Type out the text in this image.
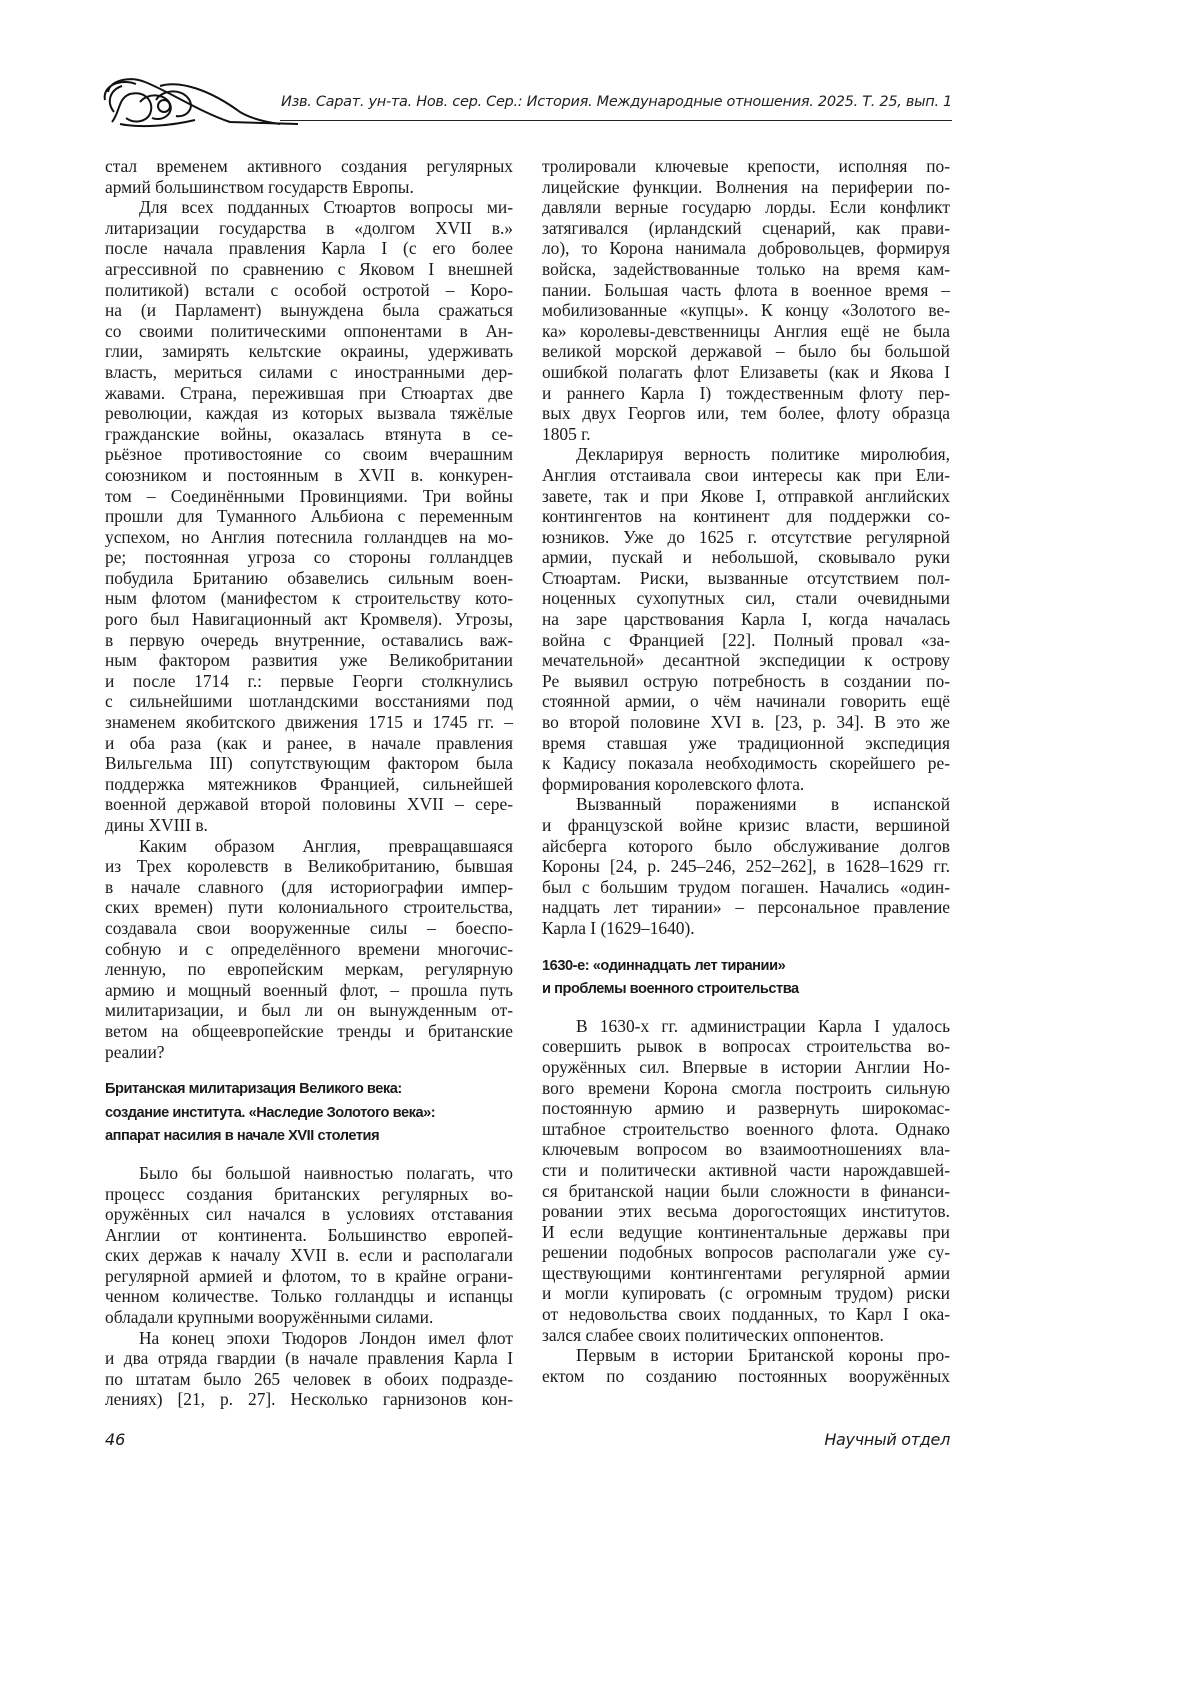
Изв. Сарат. ун-та. Нов. сер. Сер.: История. Международные отношения. 2025. Т. 25, вып. 1
стал временем активного создания регулярных
армий большинством государств Европы.
Для всех подданных Стюартов вопросы ми-
литаризации государства в «долгом XVII в.»
после начала правления Карла I (с его более
агрессивной по сравнению с Яковом I внешней
политикой) встали с особой остротой – Коро-
на (и Парламент) вынуждена была сражаться
со своими политическими оппонентами в Ан-
глии, замирять кельтские окраины, удерживать
власть, мериться силами с иностранными дер-
жавами. Страна, пережившая при Стюартах две
революции, каждая из которых вызвала тяжёлые
гражданские войны, оказалась втянута в се-
рьёзное противостояние со своим вчерашним
союзником и постоянным в XVII в. конкурен-
том – Соединёнными Провинциями. Три войны
прошли для Туманного Альбиона с переменным
успехом, но Англия потеснила голландцев на мо-
ре; постоянная угроза со стороны голландцев
побудила Британию обзавелись сильным воен-
ным флотом (манифестом к строительству кото-
рого был Навигационный акт Кромвеля). Угрозы,
в первую очередь внутренние, оставались важ-
ным фактором развития уже Великобритании
и после 1714 г.: первые Георги столкнулись
с сильнейшими шотландскими восстаниями под
знаменем якобитского движения 1715 и 1745 гг. –
и оба раза (как и ранее, в начале правления
Вильгельма III) сопутствующим фактором была
поддержка мятежников Францией, сильнейшей
военной державой второй половины XVII – сере-
дины XVIII в.
Каким образом Англия, превращавшаяся
из Трех королевств в Великобританию, бывшая
в начале славного (для историографии импер-
ских времен) пути колониального строительства,
создавала свои вооруженные силы – боеспо-
собную и с определённого времени многочис-
ленную, по европейским меркам, регулярную
армию и мощный военный флот, – прошла путь
милитаризации, и был ли он вынужденным от-
ветом на общеевропейские тренды и британские
реалии?
Британская милитаризация Великого века:
создание института. «Наследие Золотого века»:
аппарат насилия в начале XVII столетия
Было бы большой наивностью полагать, что
процесс создания британских регулярных во-
оружённых сил начался в условиях отставания
Англии от континента. Большинство европей-
ских держав к началу XVII в. если и располагали
регулярной армией и флотом, то в крайне ограни-
ченном количестве. Только голландцы и испанцы
обладали крупными вооружёнными силами.
На конец эпохи Тюдоров Лондон имел флот
и два отряда гвардии (в начале правления Карла I
по штатам было 265 человек в обоих подразде-
лениях) [21, p. 27]. Несколько гарнизонов кон-
тролировали ключевые крепости, исполняя по-
лицейские функции. Волнения на периферии по-
давляли верные государю лорды. Если конфликт
затягивался (ирландский сценарий, как прави-
ло), то Корона нанимала добровольцев, формируя
войска, задействованные только на время кам-
пании. Большая часть флота в военное время –
мобилизованные «купцы». К концу «Золотого ве-
ка» королевы-девственницы Англия ещё не была
великой морской державой – было бы большой
ошибкой полагать флот Елизаветы (как и Якова I
и раннего Карла I) тождественным флоту пер-
вых двух Георгов или, тем более, флоту образца
1805 г.
Декларируя верность политике миролюбия,
Англия отстаивала свои интересы как при Ели-
завете, так и при Якове I, отправкой английских
контингентов на континент для поддержки со-
юзников. Уже до 1625 г. отсутствие регулярной
армии, пускай и небольшой, сковывало руки
Стюартам. Риски, вызванные отсутствием пол-
ноценных сухопутных сил, стали очевидными
на заре царствования Карла I, когда началась
война с Францией [22]. Полный провал «за-
мечательной» десантной экспедиции к острову
Ре выявил острую потребность в создании по-
стоянной армии, о чём начинали говорить ещё
во второй половине XVI в. [23, p. 34]. В это же
время ставшая уже традиционной экспедиция
к Кадису показала необходимость скорейшего ре-
формирования королевского флота.
Вызванный поражениями в испанской
и французской войне кризис власти, вершиной
айсберга которого было обслуживание долгов
Короны [24, p. 245–246, 252–262], в 1628–1629 гг.
был с большим трудом погашен. Начались «один-
надцать лет тирании» – персональное правление
Карла I (1629–1640).
1630-е: «одиннадцать лет тирании»
и проблемы военного строительства
В 1630-х гг. администрации Карла I удалось
совершить рывок в вопросах строительства во-
оружённых сил. Впервые в истории Англии Но-
вого времени Корона смогла построить сильную
постоянную армию и развернуть широкомас-
штабное строительство военного флота. Однако
ключевым вопросом во взаимоотношениях вла-
сти и политически активной части нарождавшей-
ся британской нации были сложности в финанси-
ровании этих весьма дорогостоящих институтов.
И если ведущие континентальные державы при
решении подобных вопросов располагали уже су-
ществующими контингентами регулярной армии
и могли купировать (с огромным трудом) риски
от недовольства своих подданных, то Карл I ока-
зался слабее своих политических оппонентов.
Первым в истории Британской короны про-
ектом по созданию постоянных вооружённых
46	Научный отдел
